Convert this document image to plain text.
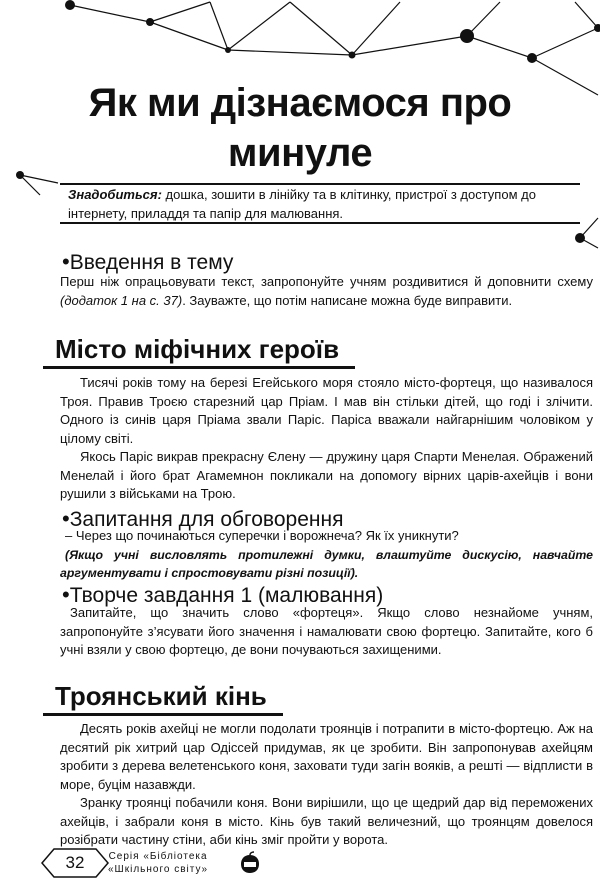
Як ми дізнаємося про
минуле
Знадобиться: дошка, зошити в лінійку та в клітинку, пристрої з доступом до інтернету, приладдя та папір для малювання.
• Введення в тему

Перш ніж опрацьовувати текст, запропонуйте учням роздивитися й доповнити схему (додаток 1 на с. 37). Зауважте, що потім написане можна буде виправити.

Місто міфічних героїв

Тисячі років тому на березі Егейського моря стояло місто-фортеця, що називалося Троя. Правив Троєю старезний цар Пріам. І мав він стільки дітей, що годі і злічити. Одного із синів царя Пріама звали Паріс. Паріса вважали найгарнішим чоловіком у цілому світі.

Якось Паріс викрав прекрасну Єлену — дружину царя Спарти Менелая. Ображений Менелай і його брат Агамемнон покликали на допомогу вірних царів-ахейців і вони рушили з військами на Трою.

• Запитання для обговорення

– Через що починаються суперечки і ворожнеча? Як їх уникнути?

(Якщо учні висловлять протилежні думки, влаштуйте дискусію, навчайте аргументувати і спростовувати різні позиції).

• Творче завдання 1 (малювання)

Запитайте, що значить слово «фортеця». Якщо слово незнайоме учням, запропонуйте з’ясувати його значення і намалювати свою фортецю. Запитайте, кого б учні взяли у свою фортецю, де вони почуваються захищеними.

Троянський кінь

Десять років ахейці не могли подолати троянців і потрапити в місто-фортецю. Аж на десятий рік хитрий цар Одіссей придумав, як це зробити. Він запропонував ахейцям зробити з дерева велетенського коня, заховати туди загін вояків, а решті — відплисти в море, буцім назавжди.

Зранку троянці побачили коня. Вони вирішили, що це щедрий дар від переможених ахейців, і забрали коня в місто. Кінь був такий величезний, що троянцям довелося розібрати частину стіни, аби кінь зміг пройти у ворота.

32	Серія «Бібліотека
«Шкільного світу»
